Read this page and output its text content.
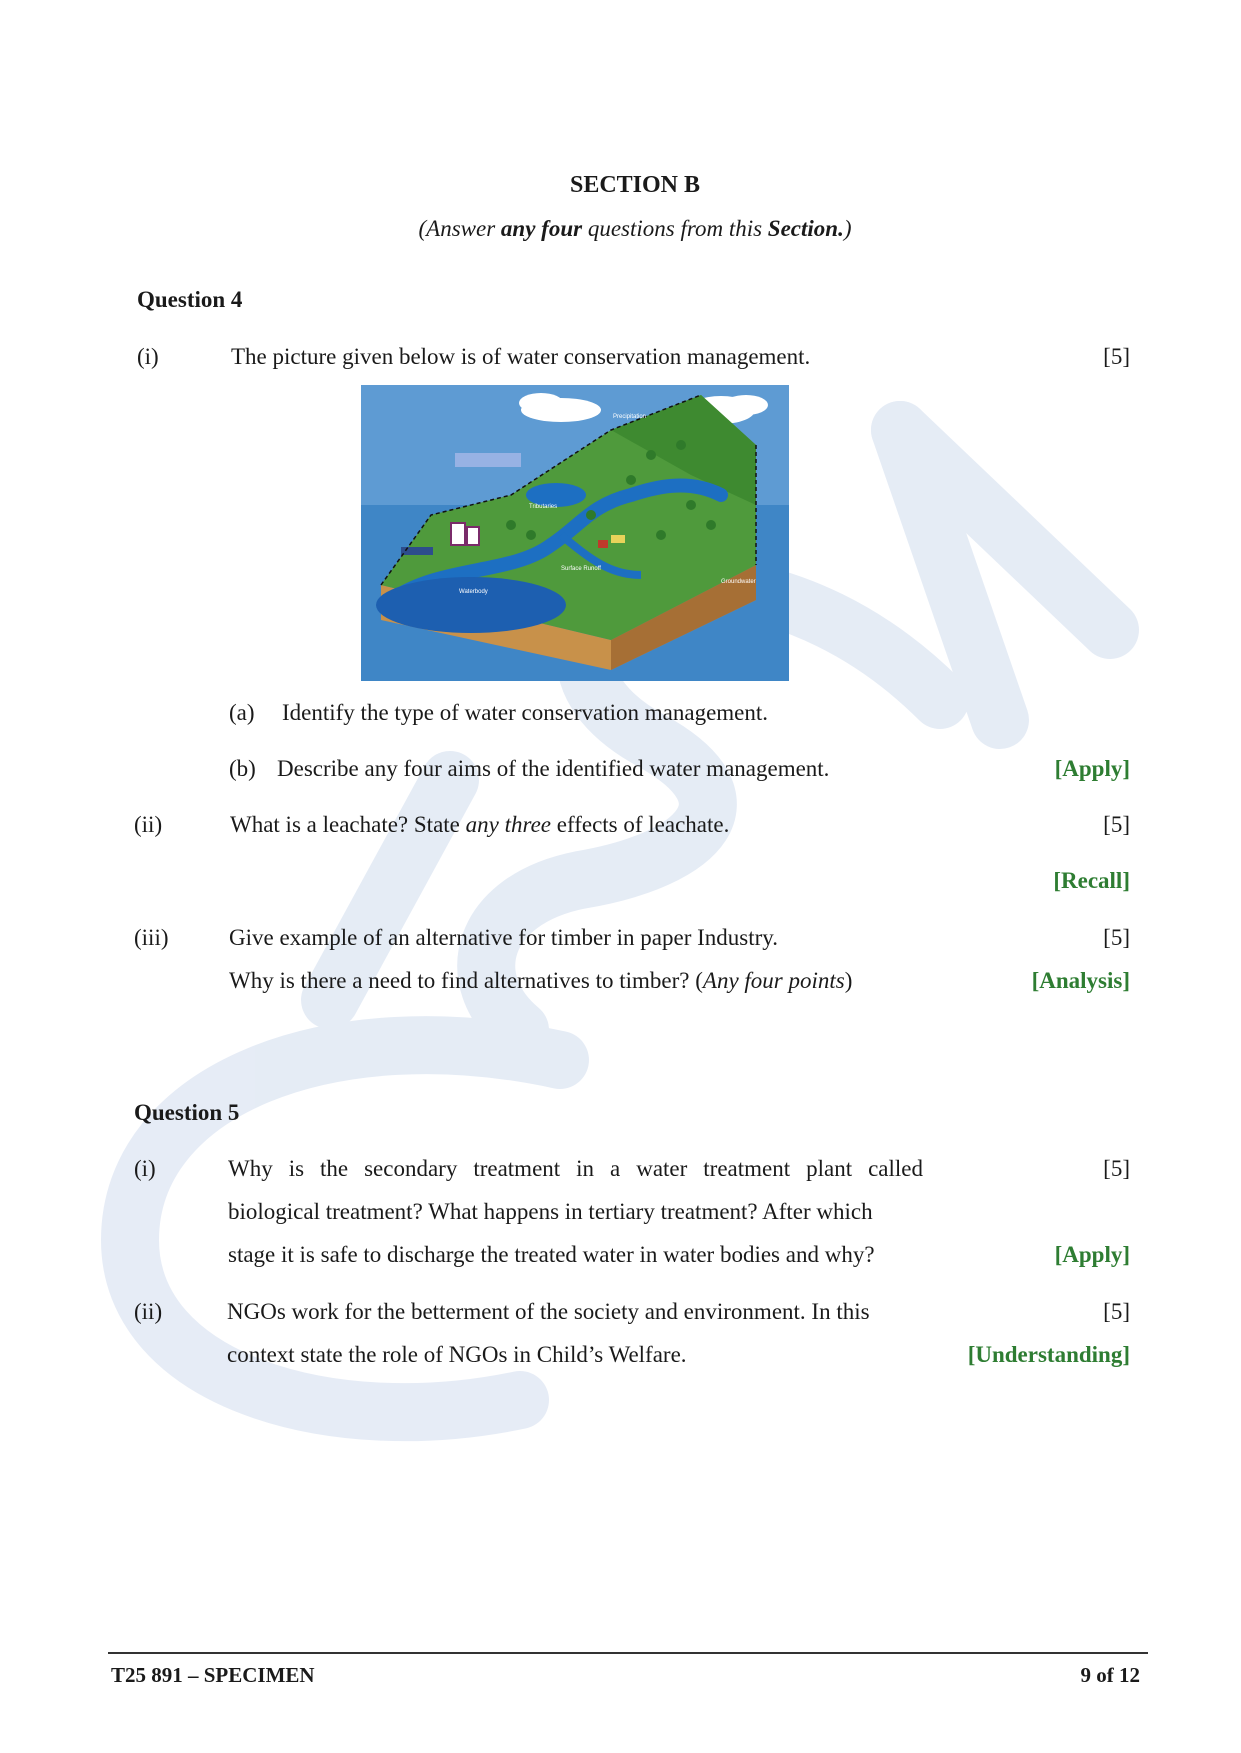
SECTION B
(Answer any four questions from this Section.)
Question 4
(i)	The picture given below is of water conservation management.	[5]
Precipitation
Tributaries
Waterbody
Surface Runoff
Groundwater
(a) Identify the type of water conservation management.
(b) Describe any four aims of the identified water management.	[Apply]
(ii)	What is a leachate? State any three effects of leachate.	[5]
[Recall]
(iii)	Give example of an alternative for timber in paper Industry.	[5]
Why is there a need to find alternatives to timber? (Any four points)	[Analysis]
Question 5
(i)	Why is the secondary treatment in a water treatment plant called	[5]
biological treatment? What happens in tertiary treatment? After which
stage it is safe to discharge the treated water in water bodies and why?	[Apply]
(ii)	NGOs work for the betterment of the society and environment. In this	[5]
context state the role of NGOs in Child’s Welfare.	[Understanding]
T25 891 – SPECIMEN	9 of 12
